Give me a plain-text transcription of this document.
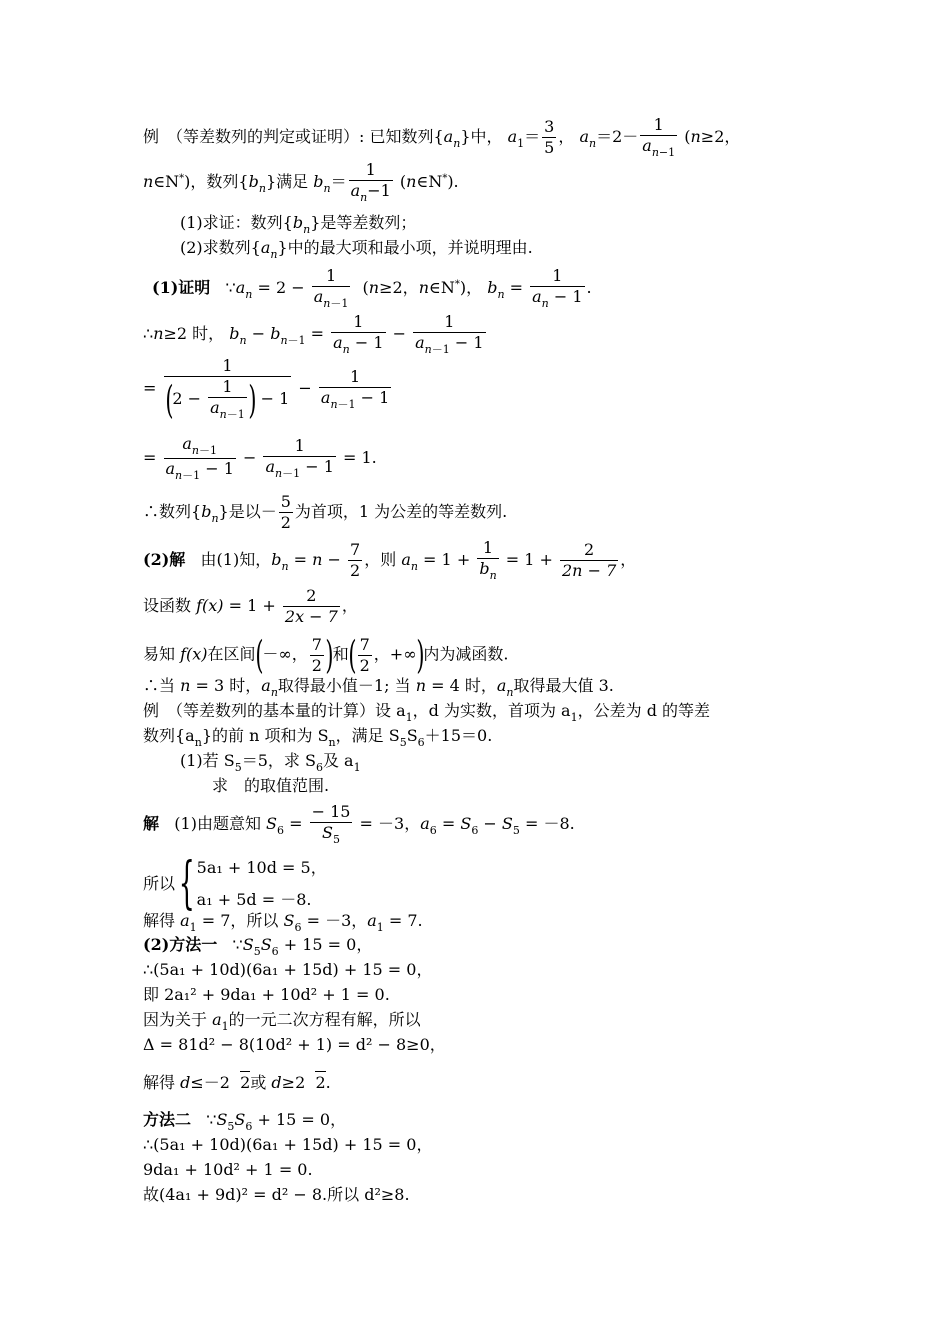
例　（等差数列的判定或证明）: 已知数列$\{a_n\}$中， $a_1= \frac{3}{5}$ ， $a_n=2- \frac{1}{a_{n-1}} (n\ge 2$，
n∈N*)，数列$\{b_n\}$满足 $b_n= \frac{1}{a_n-1}$ (n∈N*).
(1)求证：数列$\{b_n\}$是等差数列；
(2)求数列$\{a_n\}$中的最大项和最小项，并说明理由.
(1)证明 $\because a_n = 2 - \frac{1}{a_{n-1}} (n\ge 2$，n∈N*)， $b_n = \frac{1}{a_n - 1}$ .
∴n≥2 时， $b_n - b_{n-1} = \frac{1}{a_n - 1} - \frac{1}{a_{n-1} - 1}$
= $\frac{1}{(2 - \frac{1}{a_{n-1}} ) - 1} - \frac{1}{a_{n-1} - 1}$
= $\frac{a_{n-1}}{a_{n-1} - 1} - \frac{1}{a_{n-1} - 1} = 1$.
∴数列$\{b_n\}$是以－ $\frac{5}{2}$ 为首项，1 为公差的等差数列.
(2)解 由(1)知，$b_n = n - \frac{7}{2}$ ，则 $a_n = 1 + \frac{1}{b_n} = 1 + \frac{2}{2n - 7}$ ，
设函数 $f(x) = 1 + \frac{2}{2x - 7}$ ，
易知 f(x)在区间(－∞， $\frac{7}{2}$ )和( $\frac{7}{2}$ ，+∞)内为减函数.
∴当 n = 3 时，$a_n$取得最小值－1; 当 n = 4 时，$a_n$取得最大值 3.
例　（等差数列的基本量的计算）设 $a_1$，d 为实数，首项为 $a_1$，公差为 d 的等差
数列$\{a_n\}$的前 n 项和为 $S_n$，满足 $S_5S_6+15=0$.
(1)若 $S_5=5$，求 $S_6$及 $a_1$
求　的取值范围.
解 (1)由题意知 $S_6 = \frac{- 15}{S_5} = -3$，$a_6 = S_6 - S_5 = -8$.
所以{ 5a₁ + 10d = 5，
a₁ + 5d = －8.
解得 $a_1 = 7$，所以 $S_6 = -3$，$a_1 = 7$.
(2)方法一   $\because S_5S_6 + 15 = 0$，
∴(5a₁ + 10d)(6a₁ + 15d) + 15 = 0，
即 2a₁² + 9da₁ + 10d² + 1 = 0.
因为关于 $a_1$的一元二次方程有解，所以
Δ = 81d² − 8(10d² + 1) = d² − 8≥0，
解得 d≤－2 2或 d≥2 2.
方法二   $\because S_5S_6 + 15 = 0$，
∴(5a₁ + 10d)(6a₁ + 15d) + 15 = 0，
9da₁ + 10d² + 1 = 0.
故(4a₁ + 9d)² = d² − 8.所以 d²≥8.
